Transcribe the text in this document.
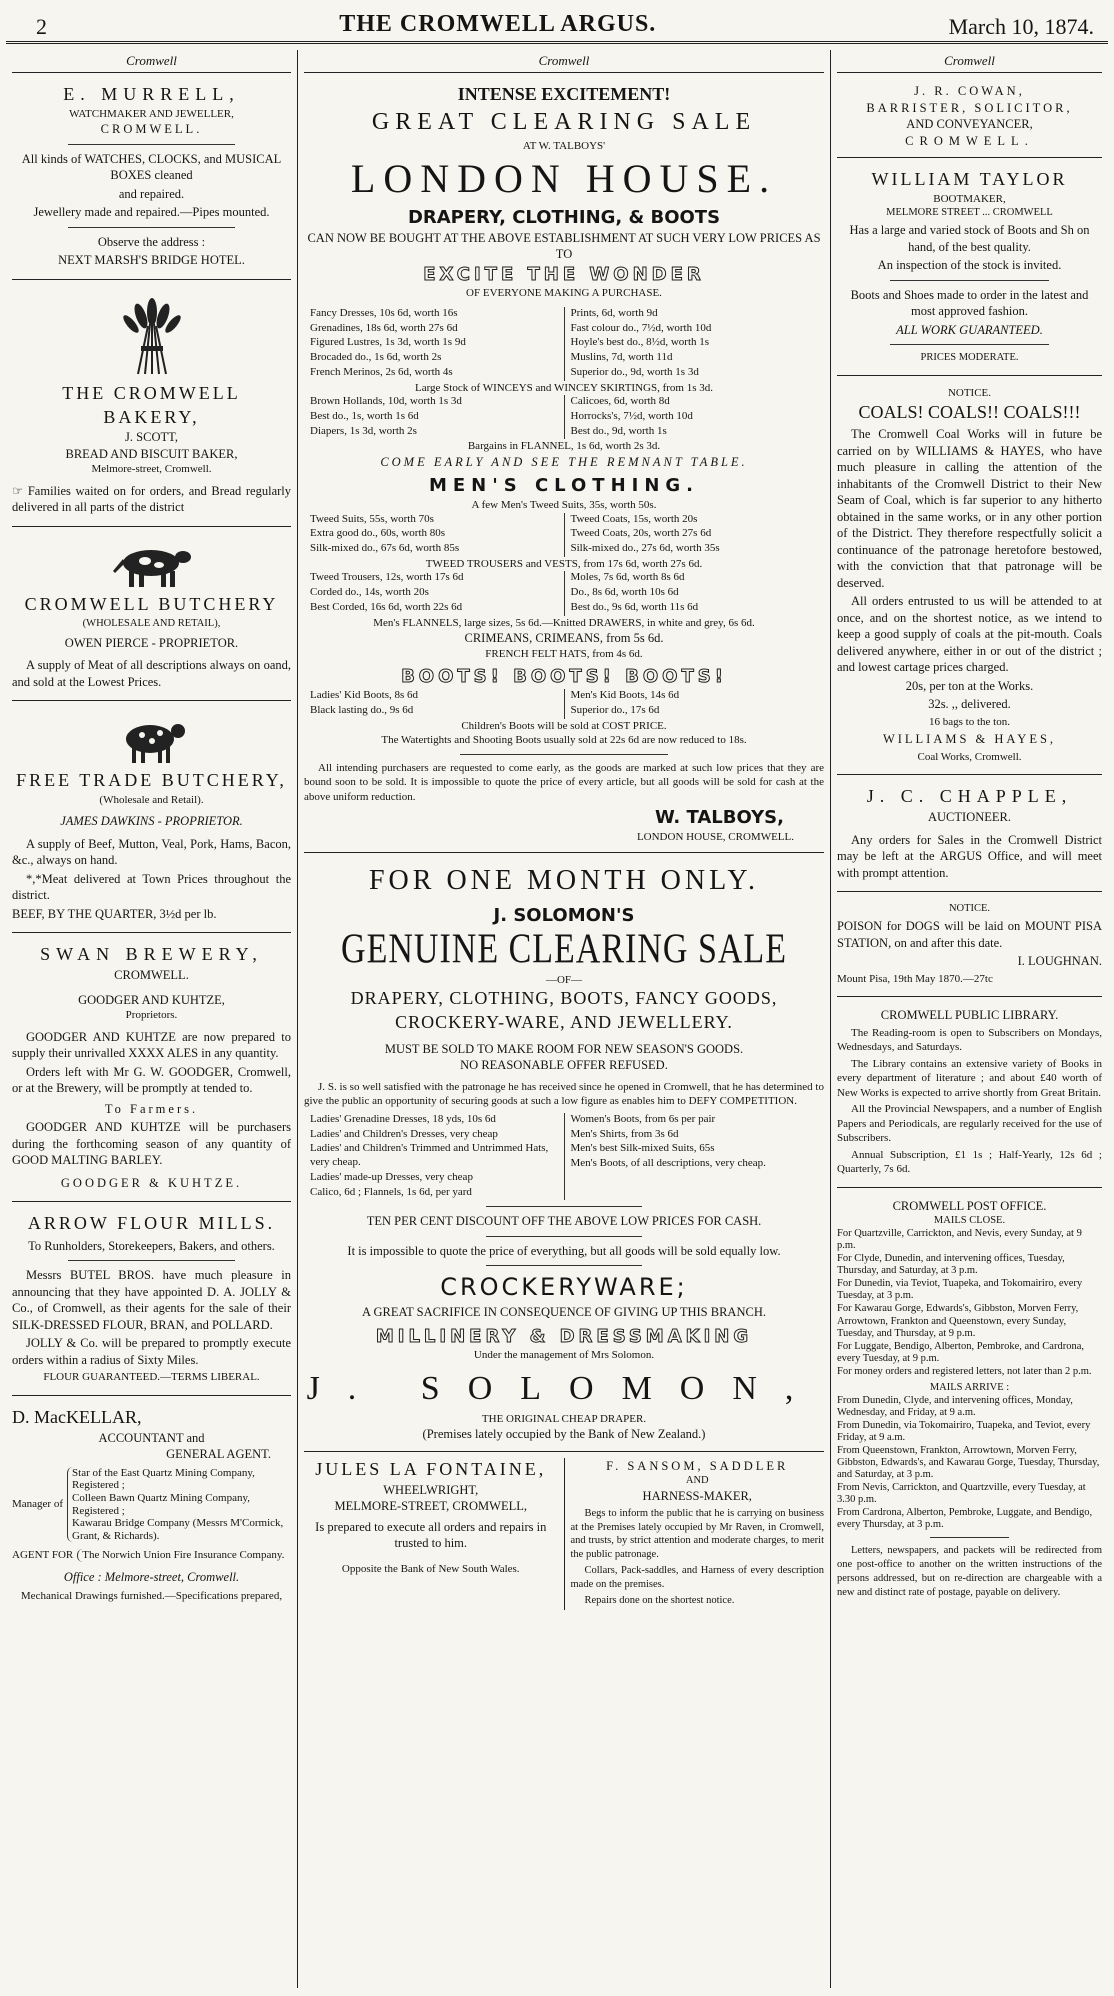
2	THE CROMWELL ARGUS.	March 10, 1874.
Cromwell
E. MURRELL,
WATCHMAKER AND JEWELLER,
CROMWELL.

All kinds of WATCHES, CLOCKS, and MUSICAL BOXES cleaned

and repaired.

Jewellery made and repaired.—Pipes mounted.

Observe the address :

NEXT MARSH'S BRIDGE HOTEL.

THE CROMWELL BAKERY,
J. SCOTT,
BREAD AND BISCUIT BAKER,
Melmore-street, Cromwell.

☞ Families waited on for orders, and Bread regularly delivered in all parts of the district

CROMWELL BUTCHERY
(WHOLESALE AND RETAIL),
OWEN PIERCE - PROPRIETOR.

A supply of Meat of all descriptions always on oand, and sold at the Lowest Prices.

FREE TRADE BUTCHERY,
(Wholesale and Retail).
JAMES DAWKINS - PROPRIETOR.

A supply of Beef, Mutton, Veal, Pork, Hams, Bacon, &c., always on hand.

*,*Meat delivered at Town Prices throughout the district.

BEEF, BY THE QUARTER, 3½d per lb.

SWAN BREWERY,
CROMWELL.
GOODGER AND KUHTZE,
Proprietors.

GOODGER AND KUHTZE are now prepared to supply their unrivalled XXXX ALES in any quantity.

Orders left with Mr G. W. GOODGER, Cromwell, or at the Brewery, will be promptly at tended to.

To Farmers.

GOODGER AND KUHTZE will be purchasers during the forthcoming season of any quantity of GOOD MALTING BARLEY.

GOODGER & KUHTZE.

ARROW FLOUR MILLS.

To Runholders, Storekeepers, Bakers, and others.

Messrs BUTEL BROS. have much pleasure in announcing that they have appointed D. A. JOLLY & Co., of Cromwell, as their agents for the sale of their SILK-DRESSED FLOUR, BRAN, and POLLARD.

JOLLY & Co. will be prepared to promptly execute orders within a radius of Sixty Miles.

FLOUR GUARANTEED.—TERMS LIBERAL.

D. MacKELLAR,
ACCOUNTANT and
GENERAL AGENT.
Manager of
Star of the East Quartz Mining Company, Registered ;
Colleen Bawn Quartz Mining Company, Registered ;
Kawarau Bridge Company (Messrs M'Cormick, Grant, & Richards).
AGENT FOR The Norwich Union Fire Insurance Company.

Office : Melmore-street, Cromwell.

Mechanical Drawings furnished.—Specifications prepared,

Cromwell
INTENSE EXCITEMENT!
GREAT CLEARING SALE
AT W. TALBOYS'
LONDON HOUSE.
DRAPERY, CLOTHING, & BOOTS
CAN NOW BE BOUGHT AT THE ABOVE ESTABLISHMENT AT SUCH VERY LOW PRICES AS TO
EXCITE THE WONDER
OF EVERYONE MAKING A PURCHASE.
Fancy Dresses, 10s 6d, worth 16s
Grenadines, 18s 6d, worth 27s 6d
Figured Lustres, 1s 3d, worth 1s 9d
Brocaded do., 1s 6d, worth 2s
French Merinos, 2s 6d, worth 4s
Prints, 6d, worth 9d
Fast colour do., 7½d, worth 10d
Hoyle's best do., 8½d, worth 1s
Muslins, 7d, worth 11d
Superior do., 9d, worth 1s 3d
Large Stock of WINCEYS and WINCEY SKIRTINGS, from 1s 3d.
Brown Hollands, 10d, worth 1s 3d
Best do., 1s, worth 1s 6d
Diapers, 1s 3d, worth 2s
Calicoes, 6d, worth 8d
Horrocks's, 7½d, worth 10d
Best do., 9d, worth 1s
Bargains in FLANNEL, 1s 6d, worth 2s 3d.
COME EARLY AND SEE THE REMNANT TABLE.
MEN'S CLOTHING.
A few Men's Tweed Suits, 35s, worth 50s.
Tweed Suits, 55s, worth 70s
Extra good do., 60s, worth 80s
Silk-mixed do., 67s 6d, worth 85s
Tweed Coats, 15s, worth 20s
Tweed Coats, 20s, worth 27s 6d
Silk-mixed do., 27s 6d, worth 35s
TWEED TROUSERS and VESTS, from 17s 6d, worth 27s 6d.
Tweed Trousers, 12s, worth 17s 6d
Corded do., 14s, worth 20s
Best Corded, 16s 6d, worth 22s 6d
Moles, 7s 6d, worth 8s 6d
Do., 8s 6d, worth 10s 6d
Best do., 9s 6d, worth 11s 6d
Men's FLANNELS, large sizes, 5s 6d.—Knitted DRAWERS, in white and grey, 6s 6d.
CRIMEANS, CRIMEANS, from 5s 6d.
FRENCH FELT HATS, from 4s 6d.
BOOTS! BOOTS! BOOTS!
Ladies' Kid Boots, 8s 6d
Black lasting do., 9s 6d
Men's Kid Boots, 14s 6d
Superior do., 17s 6d
Children's Boots will be sold at COST PRICE.
The Watertights and Shooting Boots usually sold at 22s 6d are now reduced to 18s.

All intending purchasers are requested to come early, as the goods are marked at such low prices that they are bound soon to be sold. It is impossible to quote the price of every article, but all goods will be sold for cash at the above uniform reduction.

W. TALBOYS,
LONDON HOUSE, CROMWELL.
FOR ONE MONTH ONLY.
J. SOLOMON'S
GENUINE CLEARING SALE
—OF—
DRAPERY, CLOTHING, BOOTS, FANCY GOODS, CROCKERY-WARE, AND JEWELLERY.
MUST BE SOLD TO MAKE ROOM FOR NEW SEASON'S GOODS.
NO REASONABLE OFFER REFUSED.

J. S. is so well satisfied with the patronage he has received since he opened in Cromwell, that he has determined to give the public an opportunity of securing goods at such a low figure as enables him to DEFY COMPETITION.

Ladies' Grenadine Dresses, 18 yds, 10s 6d
Ladies' and Children's Dresses, very cheap
Ladies' and Children's Trimmed and Untrimmed Hats, very cheap.
Ladies' made-up Dresses, very cheap
Calico, 6d ; Flannels, 1s 6d, per yard
Women's Boots, from 6s per pair
Men's Shirts, from 3s 6d
Men's best Silk-mixed Suits, 65s
Men's Boots, of all descriptions, very cheap.
TEN PER CENT DISCOUNT OFF THE ABOVE LOW PRICES FOR CASH.
It is impossible to quote the price of everything, but all goods will be sold equally low.
CROCKERYWARE;
A GREAT SACRIFICE IN CONSEQUENCE OF GIVING UP THIS BRANCH.
MILLINERY & DRESSMAKING
Under the management of Mrs Solomon.
J. SOLOMON,
THE ORIGINAL CHEAP DRAPER.
(Premises lately occupied by the Bank of New Zealand.)
JULES LA FONTAINE,
WHEELWRIGHT,
MELMORE-STREET, CROMWELL,

Is prepared to execute all orders and repairs in trusted to him.

Opposite the Bank of New South Wales.

F. SANSOM, SADDLER
AND
HARNESS-MAKER,

Begs to inform the public that he is carrying on business at the Premises lately occupied by Mr Raven, in Cromwell, and trusts, by strict attention and moderate charges, to merit the public patronage.

Collars, Pack-saddles, and Harness of every description made on the premises.

Repairs done on the shortest notice.

Cromwell
J. R. COWAN,
BARRISTER, SOLICITOR,
AND CONVEYANCER,
CROMWELL.
WILLIAM TAYLOR
BOOTMAKER,
MELMORE STREET ... CROMWELL

Has a large and varied stock of Boots and Sh on hand, of the best quality.

An inspection of the stock is invited.

Boots and Shoes made to order in the latest and most approved fashion.

ALL WORK GUARANTEED.

PRICES MODERATE.

NOTICE.
COALS! COALS!! COALS!!!

The Cromwell Coal Works will in future be carried on by WILLIAMS & HAYES, who have much pleasure in calling the attention of the inhabitants of the Cromwell District to their New Seam of Coal, which is far superior to any hitherto obtained in the same works, or in any other portion of the District. They therefore respectfully solicit a continuance of the patronage heretofore bestowed, with the conviction that that patronage will be deserved.

All orders entrusted to us will be attended to at once, and on the shortest notice, as we intend to keep a good supply of coals at the pit-mouth. Coals delivered anywhere, either in or out of the district ; and lowest cartage prices charged.

20s, per ton at the Works.

32s. ,, delivered.

16 bags to the ton.

WILLIAMS & HAYES,

Coal Works, Cromwell.

J. C. CHAPPLE,
AUCTIONEER.

Any orders for Sales in the Cromwell District may be left at the ARGUS Office, and will meet with prompt attention.

NOTICE.

POISON for DOGS will be laid on MOUNT PISA STATION, on and after this date.

I. LOUGHNAN.

Mount Pisa, 19th May 1870.—27tc

CROMWELL PUBLIC LIBRARY.

The Reading-room is open to Subscribers on Mondays, Wednesdays, and Saturdays.

The Library contains an extensive variety of Books in every department of literature ; and about £40 worth of New Works is expected to arrive shortly from Great Britain.

All the Provincial Newspapers, and a number of English Papers and Periodicals, are regularly received for the use of Subscribers.

Annual Subscription, £1 1s ; Half-Yearly, 12s 6d ; Quarterly, 7s 6d.

CROMWELL POST OFFICE.
MAILS CLOSE.
For Quartzville, Carrickton, and Nevis, every Sunday, at 9 p.m.
For Clyde, Dunedin, and intervening offices, Tuesday, Thursday, and Saturday, at 3 p.m.
For Dunedin, via Teviot, Tuapeka, and Tokomairiro, every Tuesday, at 3 p.m.
For Kawarau Gorge, Edwards's, Gibbston, Morven Ferry, Arrowtown, Frankton and Queenstown, every Sunday, Tuesday, and Thursday, at 9 p.m.
For Luggate, Bendigo, Alberton, Pembroke, and Cardrona, every Tuesday, at 9 p.m.
For money orders and registered letters, not later than 2 p.m.
MAILS ARRIVE :
From Dunedin, Clyde, and intervening offices, Monday, Wednesday, and Friday, at 9 a.m.
From Dunedin, via Tokomairiro, Tuapeka, and Teviot, every Friday, at 9 a.m.
From Queenstown, Frankton, Arrowtown, Morven Ferry, Gibbston, Edwards's, and Kawarau Gorge, Tuesday, Thursday, and Saturday, at 3 p.m.
From Nevis, Carrickton, and Quartzville, every Tuesday, at 3.30 p.m.
From Cardrona, Alberton, Pembroke, Luggate, and Bendigo, every Thursday, at 3 p.m.

Letters, newspapers, and packets will be redirected from one post-office to another on the written instructions of the persons addressed, but on re-direction are chargeable with a new and distinct rate of postage, payable on delivery.
